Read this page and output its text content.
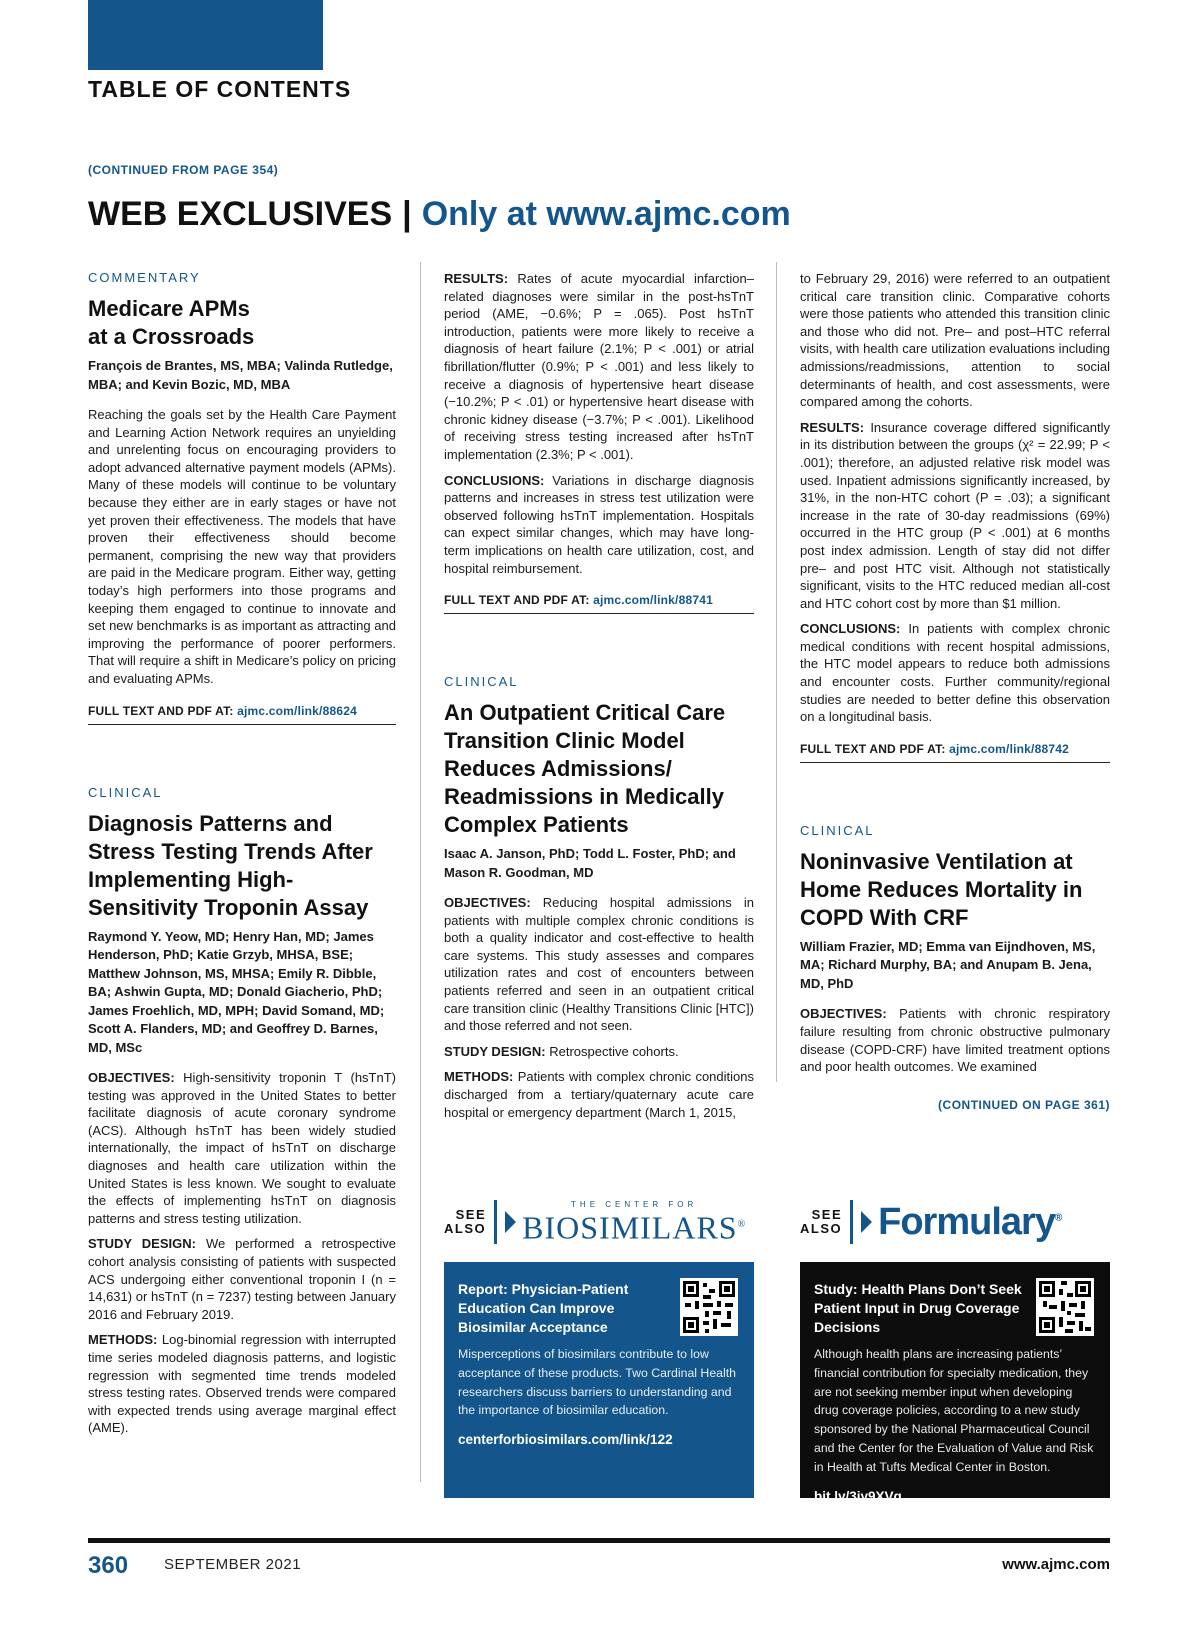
TABLE OF CONTENTS
(CONTINUED FROM PAGE 354)
WEB EXCLUSIVES | Only at www.ajmc.com
COMMENTARY
Medicare APMs at a Crossroads
François de Brantes, MS, MBA; Valinda Rutledge, MBA; and Kevin Bozic, MD, MBA

Reaching the goals set by the Health Care Payment and Learning Action Network requires an unyielding and unrelenting focus on encouraging providers to adopt advanced alternative payment models (APMs). Many of these models will continue to be voluntary because they either are in early stages or have not yet proven their effectiveness. The models that have proven their effectiveness should become permanent, comprising the new way that providers are paid in the Medicare program. Either way, getting today’s high performers into those programs and keeping them engaged to continue to innovate and set new benchmarks is as important as attracting and improving the performance of poorer performers. That will require a shift in Medicare’s policy on pricing and evaluating APMs.

FULL TEXT AND PDF AT: ajmc.com/link/88624
CLINICAL
Diagnosis Patterns and Stress Testing Trends After Implementing High-Sensitivity Troponin Assay
Raymond Y. Yeow, MD; Henry Han, MD; James Henderson, PhD; Katie Grzyb, MHSA, BSE; Matthew Johnson, MS, MHSA; Emily R. Dibble, BA; Ashwin Gupta, MD; Donald Giacherio, PhD; James Froehlich, MD, MPH; David Somand, MD; Scott A. Flanders, MD; and Geoffrey D. Barnes, MD, MSc

OBJECTIVES: High-sensitivity troponin T (hsTnT) testing was approved in the United States to better facilitate diagnosis of acute coronary syndrome (ACS). Although hsTnT has been widely studied internationally, the impact of hsTnT on discharge diagnoses and health care utilization within the United States is less known. We sought to evaluate the effects of implementing hsTnT on diagnosis patterns and stress testing utilization.

STUDY DESIGN: We performed a retrospective cohort analysis consisting of patients with suspected ACS undergoing either conventional troponin I (n = 14,631) or hsTnT (n = 7237) testing between January 2016 and February 2019.

METHODS: Log-binomial regression with interrupted time series modeled diagnosis patterns, and logistic regression with segmented time trends modeled stress testing rates. Observed trends were compared with expected trends using average marginal effect (AME).

RESULTS: Rates of acute myocardial infarction–related diagnoses were similar in the post-hsTnT period (AME, −0.6%; P = .065). Post hsTnT introduction, patients were more likely to receive a diagnosis of heart failure (2.1%; P < .001) or atrial fibrillation/flutter (0.9%; P < .001) and less likely to receive a diagnosis of hypertensive heart disease (−10.2%; P < .01) or hypertensive heart disease with chronic kidney disease (−3.7%; P < .001). Likelihood of receiving stress testing increased after hsTnT implementation (2.3%; P < .001).

CONCLUSIONS: Variations in discharge diagnosis patterns and increases in stress test utilization were observed following hsTnT implementation. Hospitals can expect similar changes, which may have long-term implications on health care utilization, cost, and hospital reimbursement.

FULL TEXT AND PDF AT: ajmc.com/link/88741
CLINICAL
An Outpatient Critical Care Transition Clinic Model Reduces Admissions/ Readmissions in Medically Complex Patients
Isaac A. Janson, PhD; Todd L. Foster, PhD; and Mason R. Goodman, MD

OBJECTIVES: Reducing hospital admissions in patients with multiple complex chronic conditions is both a quality indicator and cost-effective to health care systems. This study assesses and compares utilization rates and cost of encounters between patients referred and seen in an outpatient critical care transition clinic (Healthy Transitions Clinic [HTC]) and those referred and not seen.

STUDY DESIGN: Retrospective cohorts.

METHODS: Patients with complex chronic conditions discharged from a tertiary/quaternary acute care hospital or emergency department (March 1, 2015,

to February 29, 2016) were referred to an outpatient critical care transition clinic. Comparative cohorts were those patients who attended this transition clinic and those who did not. Pre– and post–HTC referral visits, with health care utilization evaluations including admissions/readmissions, attention to social determinants of health, and cost assessments, were compared among the cohorts.

RESULTS: Insurance coverage differed significantly in its distribution between the groups (χ² = 22.99; P < .001); therefore, an adjusted relative risk model was used. Inpatient admissions significantly increased, by 31%, in the non-HTC cohort (P = .03); a significant increase in the rate of 30-day readmissions (69%) occurred in the HTC group (P < .001) at 6 months post index admission. Length of stay did not differ pre– and post HTC visit. Although not statistically significant, visits to the HTC reduced median all-cost and HTC cohort cost by more than $1 million.

CONCLUSIONS: In patients with complex chronic medical conditions with recent hospital admissions, the HTC model appears to reduce both admissions and encounter costs. Further community/regional studies are needed to better define this observation on a longitudinal basis.

FULL TEXT AND PDF AT: ajmc.com/link/88742
CLINICAL
Noninvasive Ventilation at Home Reduces Mortality in COPD With CRF
William Frazier, MD; Emma van Eijndhoven, MS, MA; Richard Murphy, BA; and Anupam B. Jena, MD, PhD

OBJECTIVES: Patients with chronic respiratory failure resulting from chronic obstructive pulmonary disease (COPD-CRF) have limited treatment options and poor health outcomes. We examined

(CONTINUED ON PAGE 361)
SEE
ALSO
THE CENTER FOR
BIOSIMILARS®
Report: Physician-Patient Education Can Improve Biosimilar Acceptance
Misperceptions of biosimilars contribute to low acceptance of these products. Two Cardinal Health researchers discuss barriers to understanding and the importance of biosimilar education.
centerforbiosimilars.com/link/122
SEE
ALSO Formulary®
Study: Health Plans Don’t Seek Patient Input in Drug Coverage Decisions
Although health plans are increasing patients’ financial contribution for specialty medication, they are not seeking member input when developing drug coverage policies, according to a new study sponsored by the National Pharmaceutical Council and the Center for the Evaluation of Value and Risk in Health at Tufts Medical Center in Boston.
bit.ly/3jy9XVq
360 SEPTEMBER 2021	www.ajmc.com
